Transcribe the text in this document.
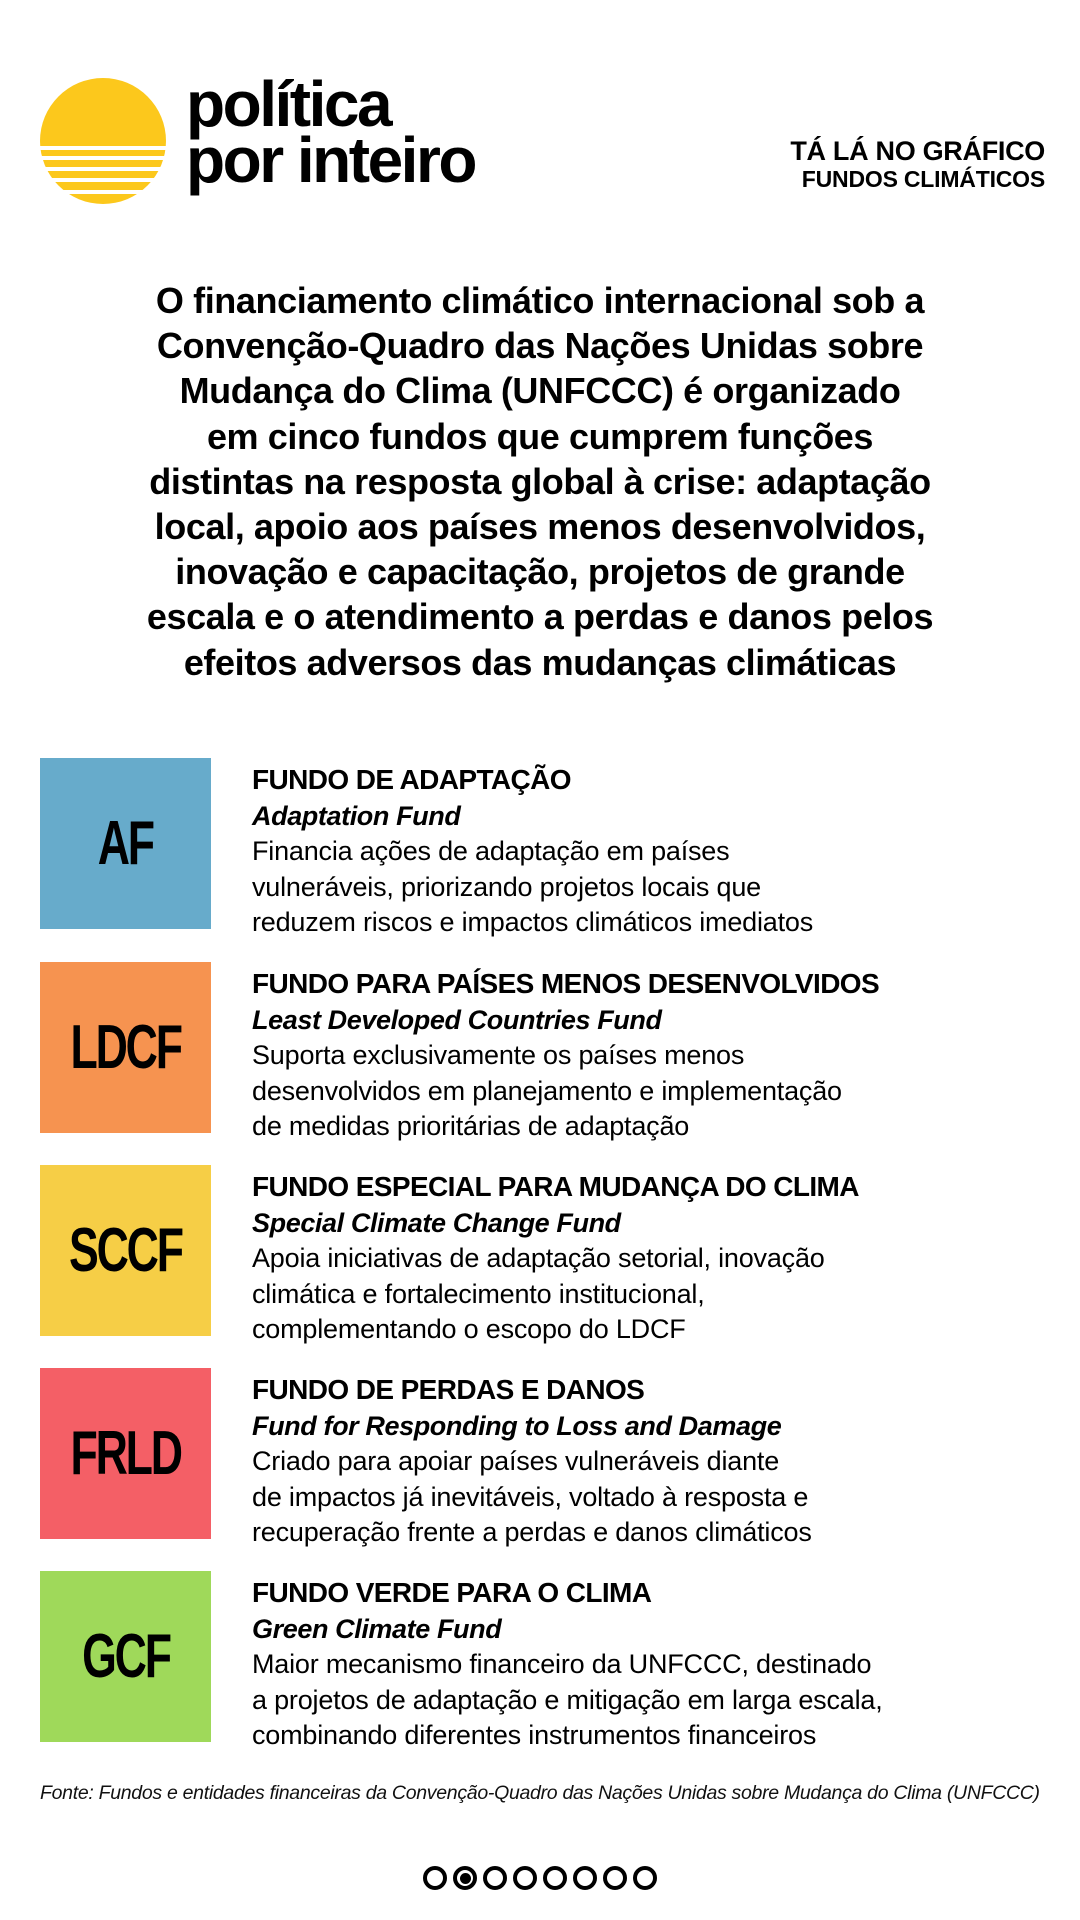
política
por inteiro	TÁ LÁ NO GRÁFICO
FUNDOS CLIMÁTICOS
O financiamento climático internacional sob a
Convenção-Quadro das Nações Unidas sobre
Mudança do Clima (UNFCCC) é organizado
em cinco fundos que cumprem funções
distintas na resposta global à crise: adaptação
local, apoio aos países menos desenvolvidos,
inovação e capacitação, projetos de grande
escala e o atendimento a perdas e danos pelos
efeitos adversos das mudanças climáticas
AF
FUNDO DE ADAPTAÇÃO
Adaptation Fund
Financia ações de adaptação em países
vulneráveis, priorizando projetos locais que
reduzem riscos e impactos climáticos imediatos
LDCF
FUNDO PARA PAÍSES MENOS DESENVOLVIDOS
Least Developed Countries Fund
Suporta exclusivamente os países menos
desenvolvidos em planejamento e implementação
de medidas prioritárias de adaptação
SCCF
FUNDO ESPECIAL PARA MUDANÇA DO CLIMA
Special Climate Change Fund
Apoia iniciativas de adaptação setorial, inovação
climática e fortalecimento institucional,
complementando o escopo do LDCF
FRLD
FUNDO DE PERDAS E DANOS
Fund for Responding to Loss and Damage
Criado para apoiar países vulneráveis diante
de impactos já inevitáveis, voltado à resposta e
recuperação frente a perdas e danos climáticos
GCF
FUNDO VERDE PARA O CLIMA
Green Climate Fund
Maior mecanismo financeiro da UNFCCC, destinado
a projetos de adaptação e mitigação em larga escala,
combinando diferentes instrumentos financeiros
Fonte: Fundos e entidades financeiras da Convenção-Quadro das Nações Unidas sobre Mudança do Clima (UNFCCC)
